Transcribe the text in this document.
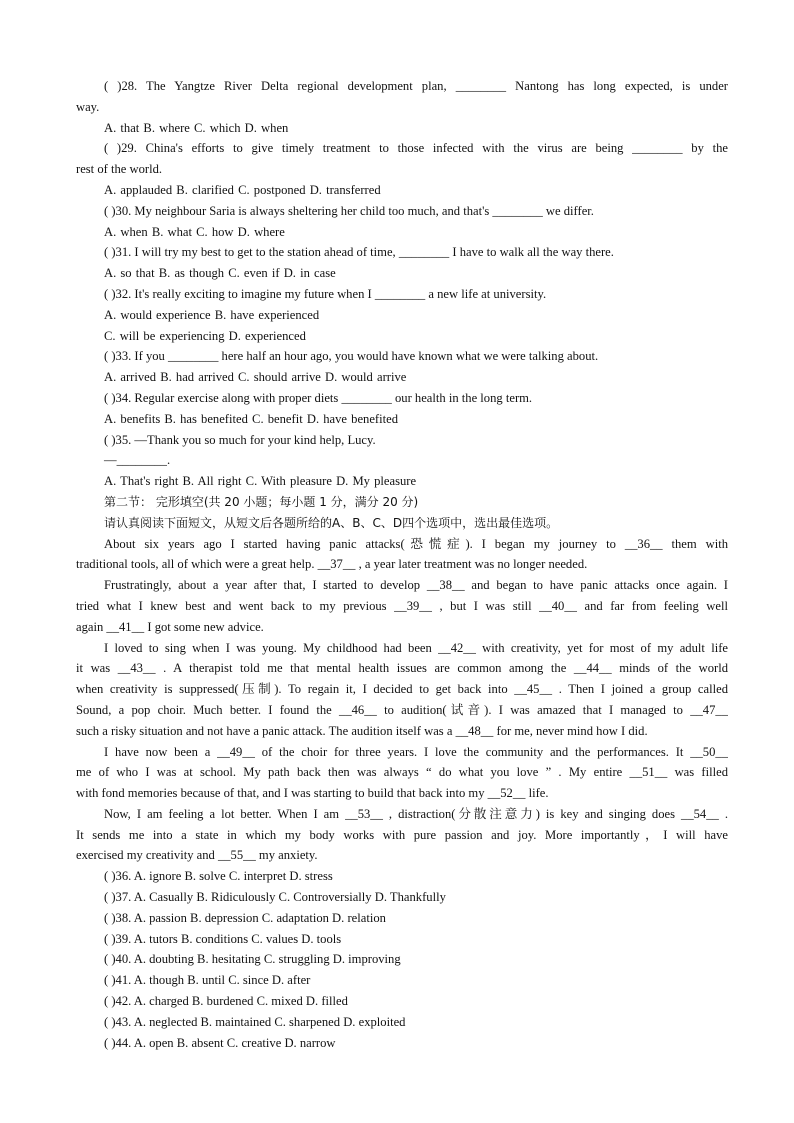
( )28. The Yangtze River Delta regional development plan, ________ Nantong has long expected, is under
way.
A. that B. where C. which D. when
( )29. China's efforts to give timely treatment to those infected with the virus are being ________ by the
rest of the world.
A. applauded B. clarified C. postponed D. transferred
( )30. My neighbour Saria is always sheltering her child too much, and that's ________ we differ.
A. when B. what C. how D. where
( )31. I will try my best to get to the station ahead of time, ________ I have to walk all the way there.
A. so that B. as though C. even if D. in case
( )32. It's really exciting to imagine my future when I ________ a new life at university.
A. would experience B. have experienced
C. will be experiencing D. experienced
( )33. If you ________ here half an hour ago, you would have known what we were talking about.
A. arrived B. had arrived C. should arrive D. would arrive
( )34. Regular exercise along with proper diets ________ our health in the long term.
A. benefits B. has benefited C. benefit D. have benefited
( )35. —Thank you so much for your kind help, Lucy.
—________.
A. That's right B. All right C. With pleasure D. My pleasure
第二节： 完形填空(共 20 小题；每小题 1 分，满分 20 分)
请认真阅读下面短文，从短文后各题所给的A、B、C、D四个选项中，选出最佳选项。
About six years ago I started having panic attacks(恐慌症). I began my journey to __36__ them with
traditional tools, all of which were a great help. __37__ , a year later treatment was no longer needed.
Frustratingly, about a year after that, I started to develop __38__ and began to have panic attacks once again. I
tried what I knew best and went back to my previous __39__ , but I was still __40__ and far from feeling well
again __41__ I got some new advice.
I loved to sing when I was young. My childhood had been __42__ with creativity, yet for most of my adult life
it was __43__ . A therapist told me that mental health issues are common among the __44__ minds of the world
when creativity is suppressed(压制). To regain it, I decided to get back into __45__ . Then I joined a group called
Sound, a pop choir. Much better. I found the __46__ to audition(试音). I was amazed that I managed to __47__
such a risky situation and not have a panic attack. The audition itself was a __48__ for me, never mind how I did.
I have now been a __49__ of the choir for three years. I love the community and the performances. It __50__
me of who I was at school. My path back then was always “ do what you love ” . My entire __51__ was filled
with fond memories because of that, and I was starting to build that back into my __52__ life.
Now, I am feeling a lot better. When I am __53__ , distraction(分散注意力) is key and singing does __54__ .
It sends me into a state in which my body works with pure passion and joy. More importantly，I will have
exercised my creativity and __55__ my anxiety.
( )36. A. ignore B. solve C. interpret D. stress
( )37. A. Casually B. Ridiculously C. Controversially D. Thankfully
( )38. A. passion B. depression C. adaptation D. relation
( )39. A. tutors B. conditions C. values D. tools
( )40. A. doubting B. hesitating C. struggling D. improving
( )41. A. though B. until C. since D. after
( )42. A. charged B. burdened C. mixed D. filled
( )43. A. neglected B. maintained C. sharpened D. exploited
( )44. A. open B. absent C. creative D. narrow
